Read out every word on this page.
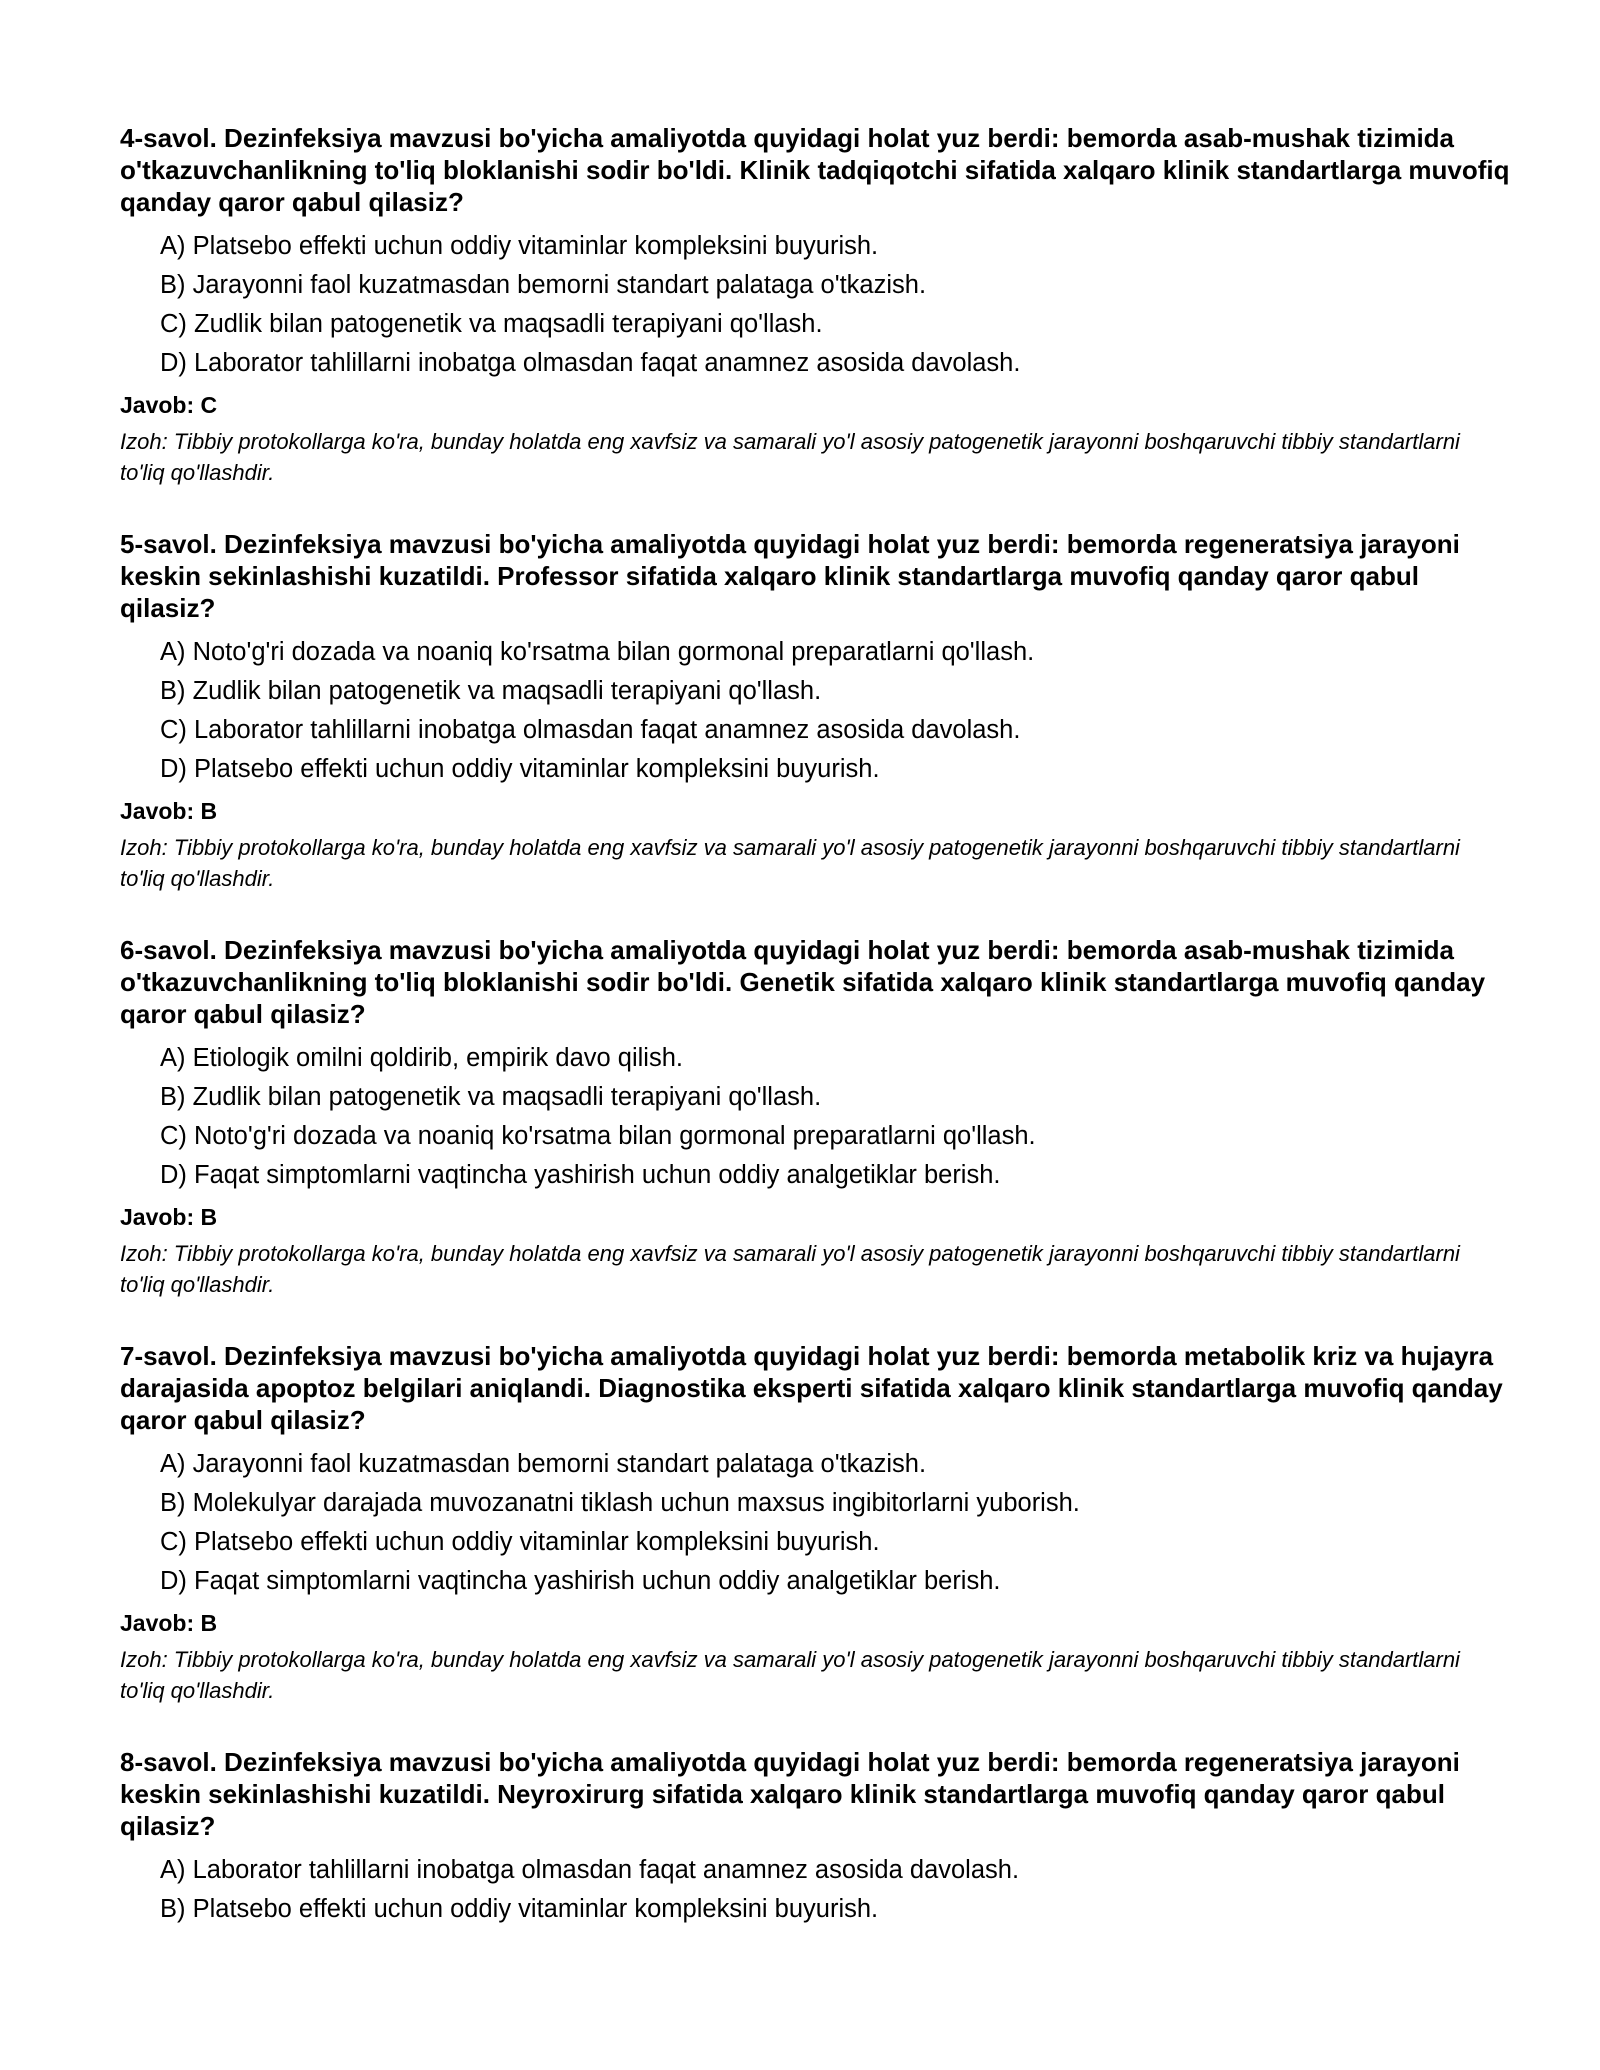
4-savol. Dezinfeksiya mavzusi bo'yicha amaliyotda quyidagi holat yuz berdi: bemorda asab-mushak tizimida o'tkazuvchanlikning to'liq bloklanishi sodir bo'ldi. Klinik tadqiqotchi sifatida xalqaro klinik standartlarga muvofiq qanday qaror qabul qilasiz?

A) Platsebo effekti uchun oddiy vitaminlar kompleksini buyurish.
B) Jarayonni faol kuzatmasdan bemorni standart palataga o'tkazish.
C) Zudlik bilan patogenetik va maqsadli terapiyani qo'llash.
D) Laborator tahlillarni inobatga olmasdan faqat anamnez asosida davolash.

Javob: C

Izoh: Tibbiy protokollarga ko'ra, bunday holatda eng xavfsiz va samarali yo'l asosiy patogenetik jarayonni boshqaruvchi tibbiy standartlarni to'liq qo'llashdir.

5-savol. Dezinfeksiya mavzusi bo'yicha amaliyotda quyidagi holat yuz berdi: bemorda regeneratsiya jarayoni keskin sekinlashishi kuzatildi. Professor sifatida xalqaro klinik standartlarga muvofiq qanday qaror qabul qilasiz?

A) Noto'g'ri dozada va noaniq ko'rsatma bilan gormonal preparatlarni qo'llash.
B) Zudlik bilan patogenetik va maqsadli terapiyani qo'llash.
C) Laborator tahlillarni inobatga olmasdan faqat anamnez asosida davolash.
D) Platsebo effekti uchun oddiy vitaminlar kompleksini buyurish.

Javob: B

Izoh: Tibbiy protokollarga ko'ra, bunday holatda eng xavfsiz va samarali yo'l asosiy patogenetik jarayonni boshqaruvchi tibbiy standartlarni to'liq qo'llashdir.

6-savol. Dezinfeksiya mavzusi bo'yicha amaliyotda quyidagi holat yuz berdi: bemorda asab-mushak tizimida o'tkazuvchanlikning to'liq bloklanishi sodir bo'ldi. Genetik sifatida xalqaro klinik standartlarga muvofiq qanday qaror qabul qilasiz?

A) Etiologik omilni qoldirib, empirik davo qilish.
B) Zudlik bilan patogenetik va maqsadli terapiyani qo'llash.
C) Noto'g'ri dozada va noaniq ko'rsatma bilan gormonal preparatlarni qo'llash.
D) Faqat simptomlarni vaqtincha yashirish uchun oddiy analgetiklar berish.

Javob: B

Izoh: Tibbiy protokollarga ko'ra, bunday holatda eng xavfsiz va samarali yo'l asosiy patogenetik jarayonni boshqaruvchi tibbiy standartlarni to'liq qo'llashdir.

7-savol. Dezinfeksiya mavzusi bo'yicha amaliyotda quyidagi holat yuz berdi: bemorda metabolik kriz va hujayra darajasida apoptoz belgilari aniqlandi. Diagnostika eksperti sifatida xalqaro klinik standartlarga muvofiq qanday qaror qabul qilasiz?

A) Jarayonni faol kuzatmasdan bemorni standart palataga o'tkazish.
B) Molekulyar darajada muvozanatni tiklash uchun maxsus ingibitorlarni yuborish.
C) Platsebo effekti uchun oddiy vitaminlar kompleksini buyurish.
D) Faqat simptomlarni vaqtincha yashirish uchun oddiy analgetiklar berish.

Javob: B

Izoh: Tibbiy protokollarga ko'ra, bunday holatda eng xavfsiz va samarali yo'l asosiy patogenetik jarayonni boshqaruvchi tibbiy standartlarni to'liq qo'llashdir.

8-savol. Dezinfeksiya mavzusi bo'yicha amaliyotda quyidagi holat yuz berdi: bemorda regeneratsiya jarayoni keskin sekinlashishi kuzatildi. Neyroxirurg sifatida xalqaro klinik standartlarga muvofiq qanday qaror qabul qilasiz?

A) Laborator tahlillarni inobatga olmasdan faqat anamnez asosida davolash.
B) Platsebo effekti uchun oddiy vitaminlar kompleksini buyurish.
